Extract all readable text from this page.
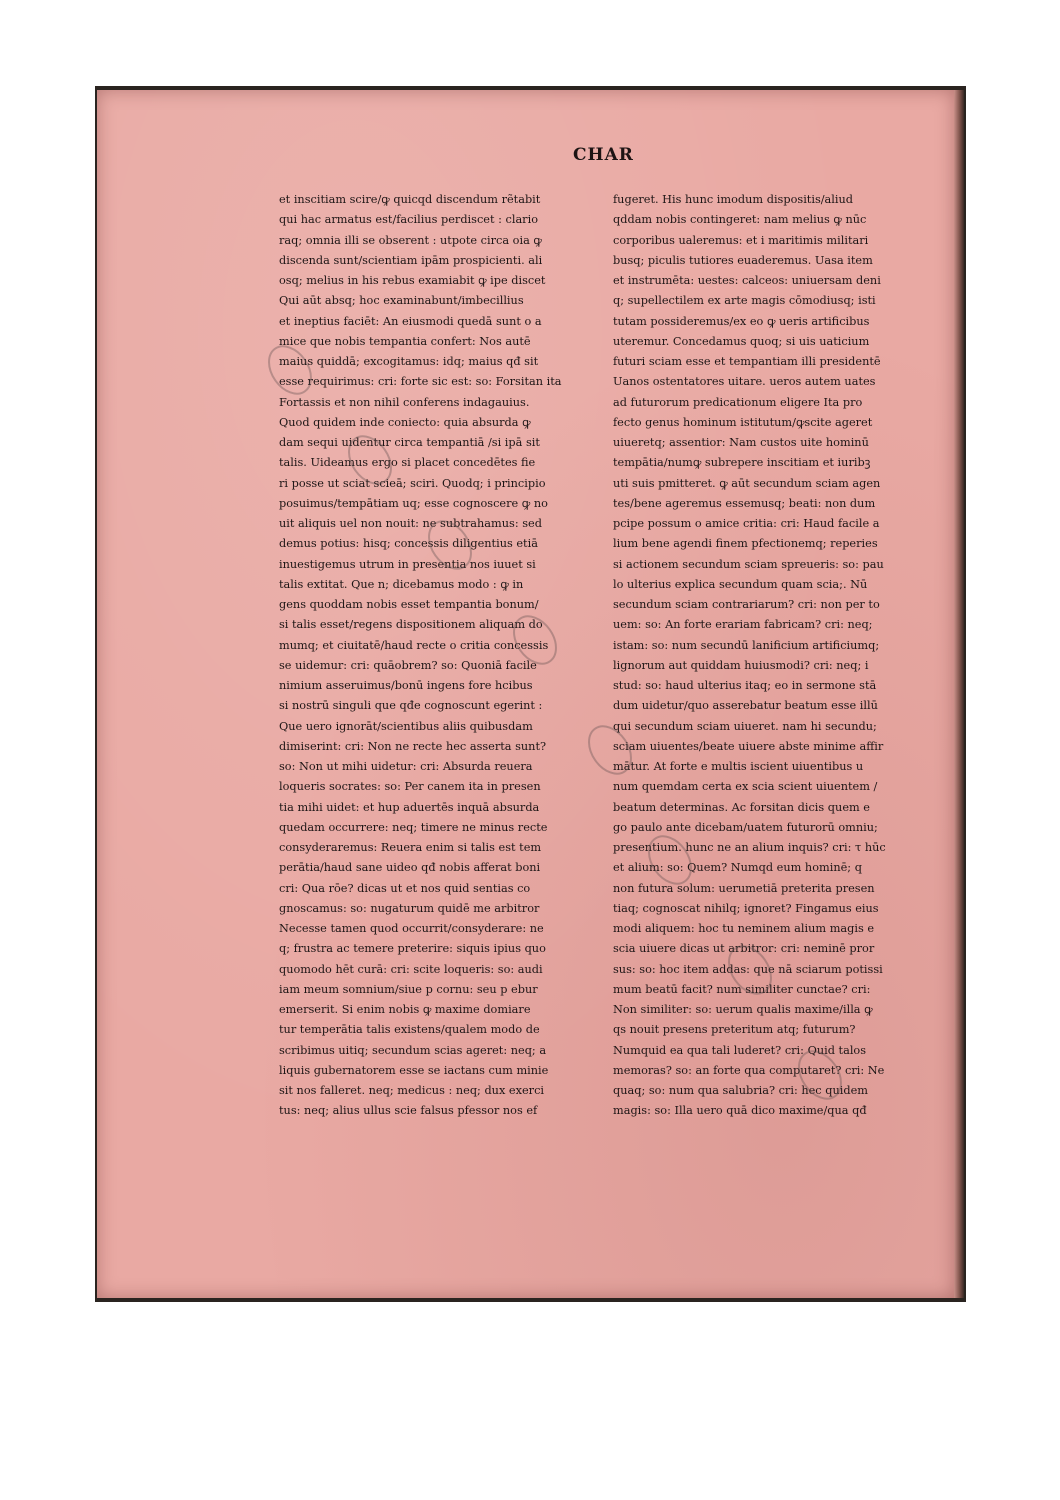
CHAR
et inscitiam scire/ꝙ quicqd discendum rẽtabit
qui hac armatus est/facilius perdiscet : clario
raq; omnia illi se obserent : utpote circa oia ꝙ
discenda sunt/scientiam ipām prospicienti. ali
osq; melius in his rebus examiabit ꝙ ipe discet
Qui aūt absq; hoc examinabunt/imbecillius
et ineptius faciēt: An eiusmodi quedā sunt o a
mice que nobis tempantia confert: Nos autē
maius quiddā; excogitamus: idq; maius qđ sit
esse requirimus: cri: forte sic est: so: Forsitan ita
Fortassis et non nihil conferens indagauius.
Quod quidem inde coniecto: quia absurda ꝙ
dam sequi uidentur circa tempantiā /si ipā sit
talis. Uideamus ergo si placet concedētes fie
ri posse ut sciat scieā; sciri. Quodq; i principio
posuimus/tempātiam uq; esse cognoscere ꝙ no
uit aliquis uel non nouit: ne subtrahamus: sed
demus potius: hisq; concessis diligentius etiā
inuestigemus utrum in presentia nos iuuet si
talis extitat. Que n; dicebamus modo : ꝙ in
gens quoddam nobis esset tempantia bonum/
si talis esset/regens dispositionem aliquam do
mumq; et ciuitatē/haud recte o critia concessis
se uidemur: cri: quāobrem? so: Quoniā facile
nimium asseruimus/bonū ingens fore hcibus
si nostrū singuli que qđe cognoscunt egerint :
Que uero ignorāt/scientibus aliis quibusdam
dimiserint: cri: Non ne recte hec asserta sunt?
so: Non ut mihi uidetur: cri: Absurda reuera
loqueris socrates: so: Per canem ita in presen
tia mihi uidet: et hup aduertēs inquā absurda
quedam occurrere: neq; timere ne minus recte
consyderaremus: Reuera enim si talis est tem
perātia/haud sane uideo qđ nobis afferat boni
cri: Qua rōe? dicas ut et nos quid sentias co
gnoscamus: so: nugaturum quidē me arbitror
Necesse tamen quod occurrit/consyderare: ne
q; frustra ac temere preterire: siquis ipius quo
quomodo hēt curā: cri: scite loqueris: so: audi
iam meum somnium/siue p cornu: seu p ebur
emerserit. Si enim nobis ꝙ maxime domiare
tur temperātia talis existens/qualem modo de
scribimus uitiq; secundum scias ageret: neq; a
liquis gubernatorem esse se iactans cum minie
sit nos falleret. neq; medicus : neq; dux exerci
tus: neq; alius ullus scie falsus pfessor nos ef
fugeret. His hunc imodum dispositis/aliud
qddam nobis contingeret: nam melius ꝙ nūc
corporibus ualeremus: et i maritimis militari
busq; piculis tutiores euaderemus. Uasa item
et instrumēta: uestes: calceos: uniuersam deni
q; supellectilem ex arte magis cōmodiusq; isti
tutam possideremus/ex eo ꝙ ueris artificibus
uteremur. Concedamus quoq; si uis uaticium
futuri sciam esse et tempantiam illi presidentē
Uanos ostentatores uitare. ueros autem uates
ad futurorum predicationum eligere Ita pro
fecto genus hominum istitutum/ꝙscite ageret
uiueretq; assentior: Nam custos uite hominū
tempātia/numꝙ subrepere inscitiam et iuribꝫ
uti suis pmitteret. ꝙ aūt secundum sciam agen
tes/bene ageremus essemusq; beati: non dum
pcipe possum o amice critia: cri: Haud facile a
lium bene agendi finem pfectionemq; reperies
si actionem secundum sciam spreueris: so: pau
lo ulterius explica secundum quam scia;. Nū
secundum sciam contrariarum? cri: non per to
uem: so: An forte erariam fabricam? cri: neq;
istam: so: num secundū lanificium artificiumq;
lignorum aut quiddam huiusmodi? cri: neq; i
stud: so: haud ulterius itaq; eo in sermone stā
dum uidetur/quo asserebatur beatum esse illū
qui secundum sciam uiueret. nam hi secundu;
sciam uiuentes/beate uiuere abste minime affir
mātur. At forte e multis iscient uiuentibus u
num quemdam certa ex scia scient uiuentem /
beatum determinas. Ac forsitan dicis quem e
go paulo ante dicebam/uatem futurorū omniu;
presentium. hunc ne an alium inquis? cri: τ hūc
et alium: so: Quem? Numqd eum hominē; q
non futura solum: uerumetiā preterita presen
tiaq; cognoscat nihilq; ignoret? Fingamus eius
modi aliquem: hoc tu neminem alium magis e
scia uiuere dicas ut arbitror: cri: neminē pror
sus: so: hoc item addas: que nā sciarum potissi
mum beatū facit? num similiter cunctae? cri:
Non similiter: so: uerum qualis maxime/illa ꝙ
qs nouit presens preteritum atq; futurum?
Numquid ea qua tali luderet? cri: Quid talos
memoras? so: an forte qua computaret? cri: Ne
quaq; so: num qua salubria? cri: hec quidem
magis: so: Illa uero quā dico maxime/qua qđ
